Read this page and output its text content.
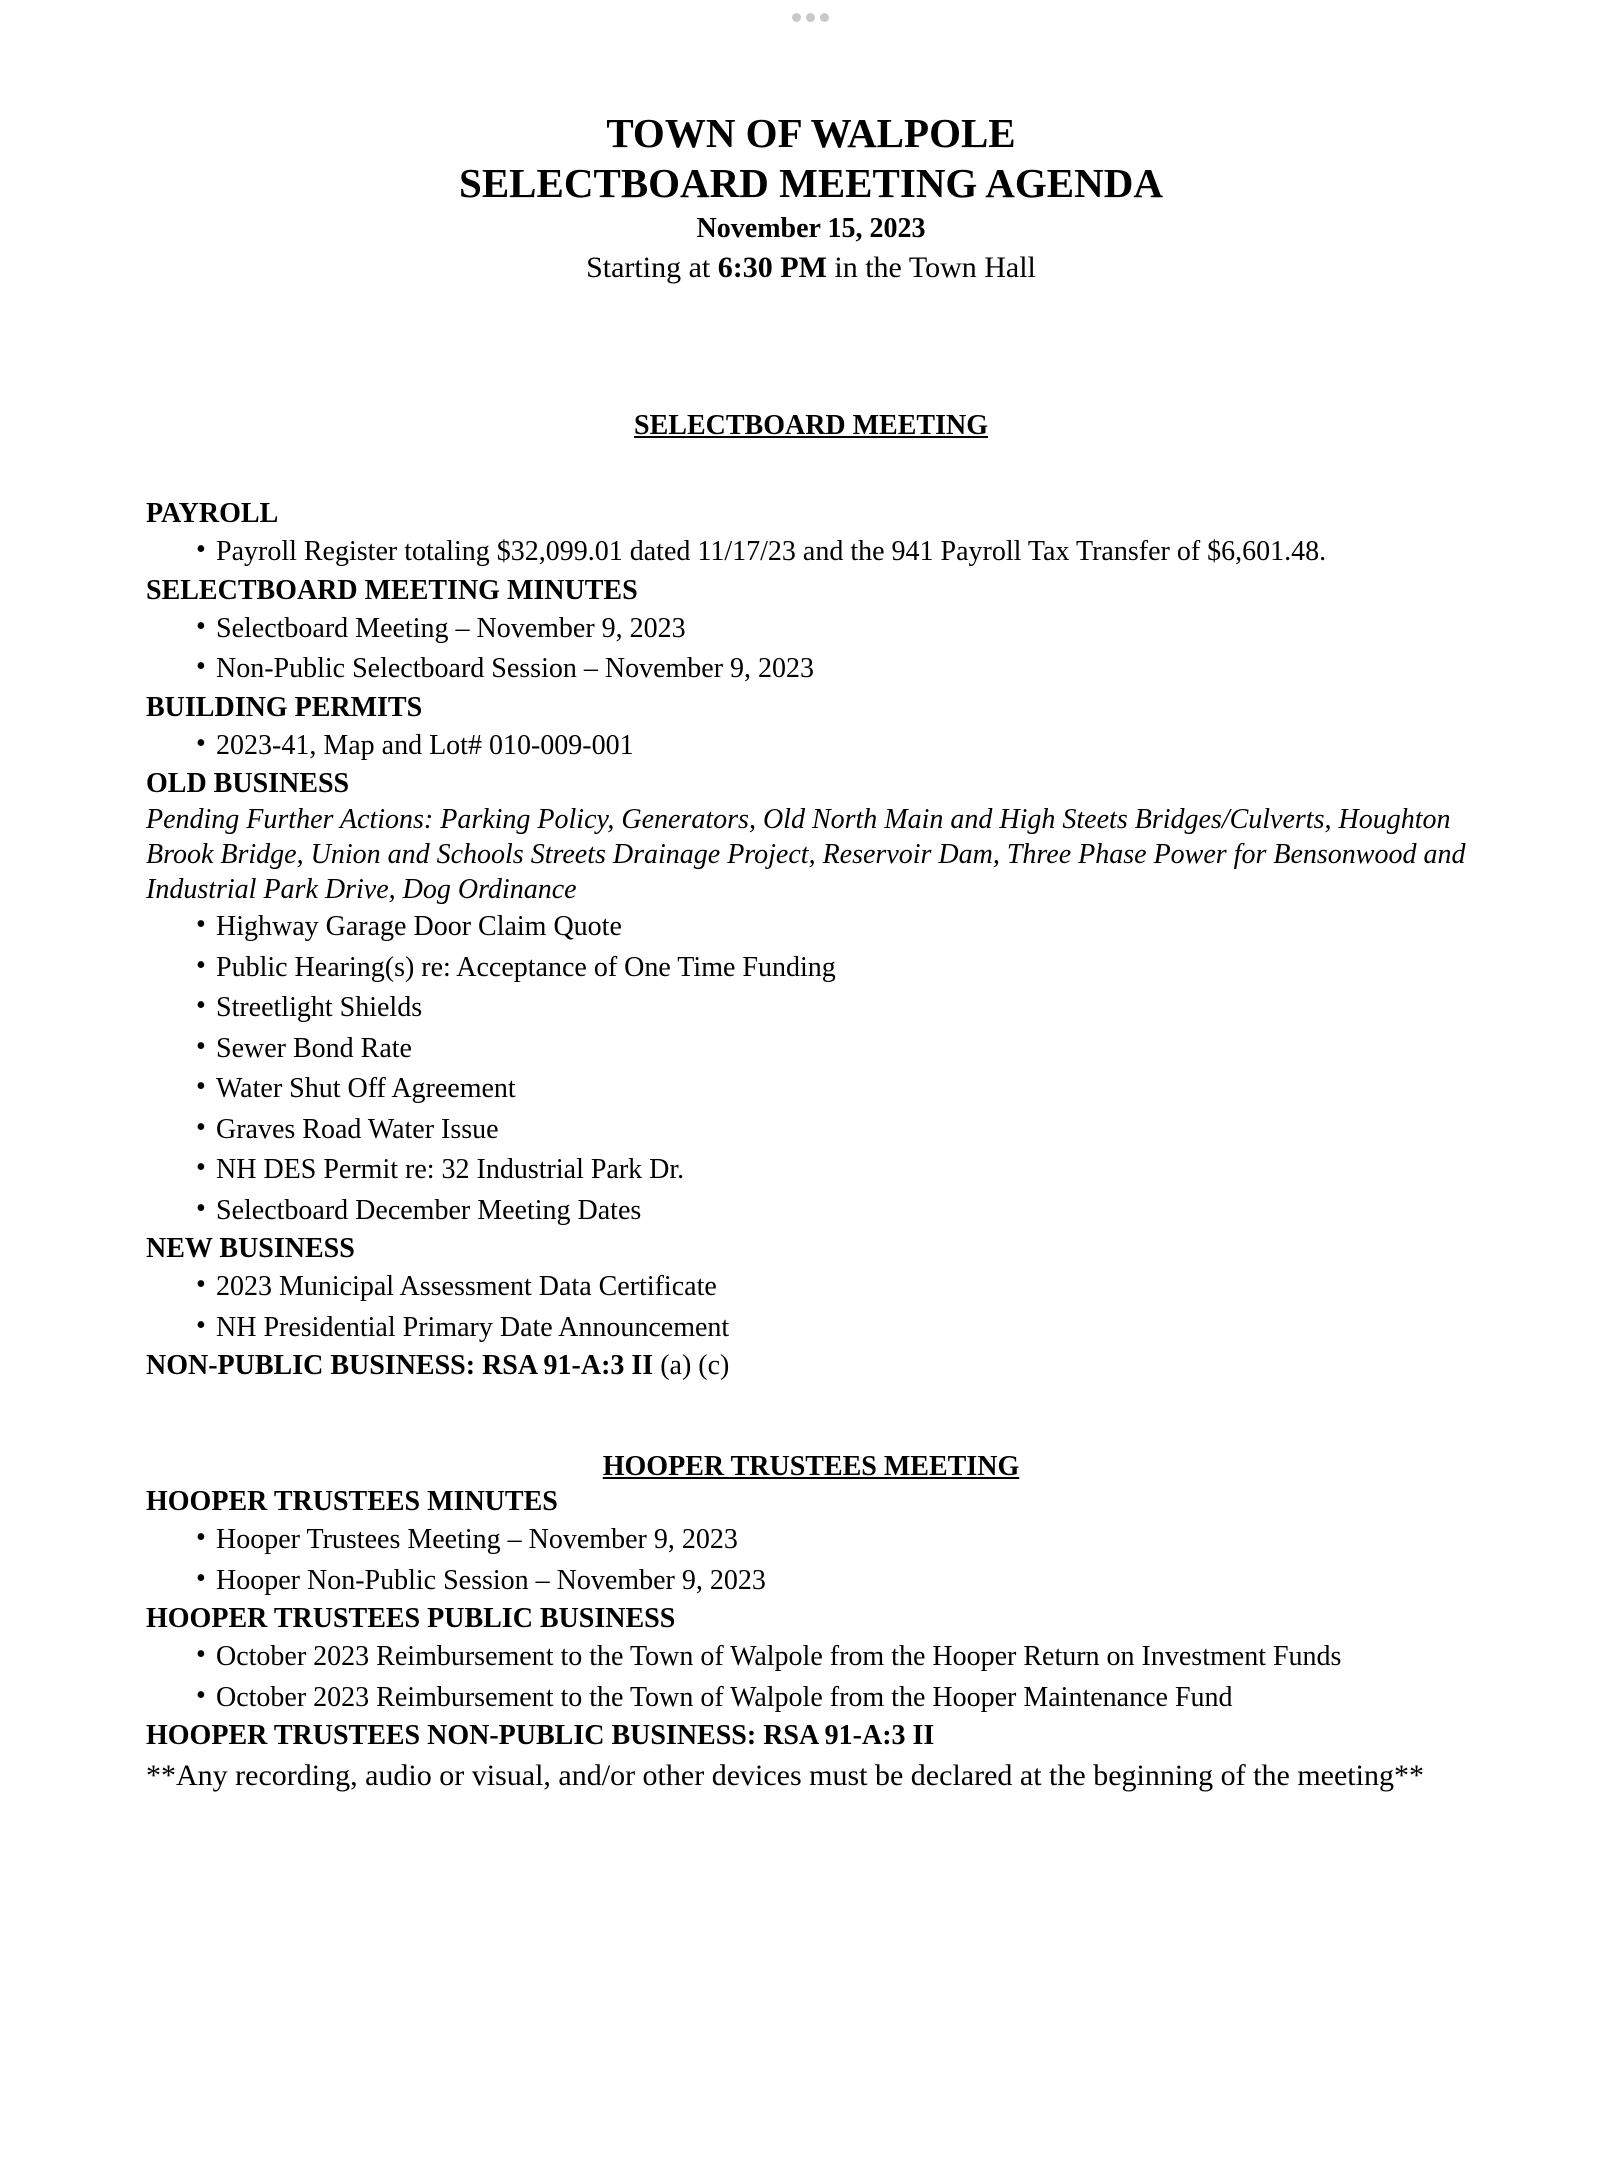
TOWN OF WALPOLE
SELECTBOARD MEETING AGENDA
November 15, 2023
Starting at 6:30 PM in the Town Hall
SELECTBOARD MEETING
PAYROLL
• Payroll Register totaling $32,099.01 dated 11/17/23 and the 941 Payroll Tax Transfer of $6,601.48.
SELECTBOARD MEETING MINUTES
• Selectboard Meeting – November 9, 2023
• Non-Public Selectboard Session – November 9, 2023
BUILDING PERMITS
• 2023-41, Map and Lot# 010-009-001
OLD BUSINESS
Pending Further Actions: Parking Policy, Generators, Old North Main and High Steets Bridges/Culverts, Houghton Brook Bridge, Union and Schools Streets Drainage Project, Reservoir Dam, Three Phase Power for Bensonwood and Industrial Park Drive, Dog Ordinance
• Highway Garage Door Claim Quote
• Public Hearing(s) re: Acceptance of One Time Funding
• Streetlight Shields
• Sewer Bond Rate
• Water Shut Off Agreement
• Graves Road Water Issue
• NH DES Permit re: 32 Industrial Park Dr.
• Selectboard December Meeting Dates
NEW BUSINESS
• 2023 Municipal Assessment Data Certificate
• NH Presidential Primary Date Announcement
NON-PUBLIC BUSINESS: RSA 91-A:3 II (a) (c)
HOOPER TRUSTEES MEETING
HOOPER TRUSTEES MINUTES
• Hooper Trustees Meeting – November 9, 2023
• Hooper Non-Public Session – November 9, 2023
HOOPER TRUSTEES PUBLIC BUSINESS
• October 2023 Reimbursement to the Town of Walpole from the Hooper Return on Investment Funds
• October 2023 Reimbursement to the Town of Walpole from the Hooper Maintenance Fund
HOOPER TRUSTEES NON-PUBLIC BUSINESS: RSA 91-A:3 II
**Any recording, audio or visual, and/or other devices must be declared at the beginning of the meeting**
